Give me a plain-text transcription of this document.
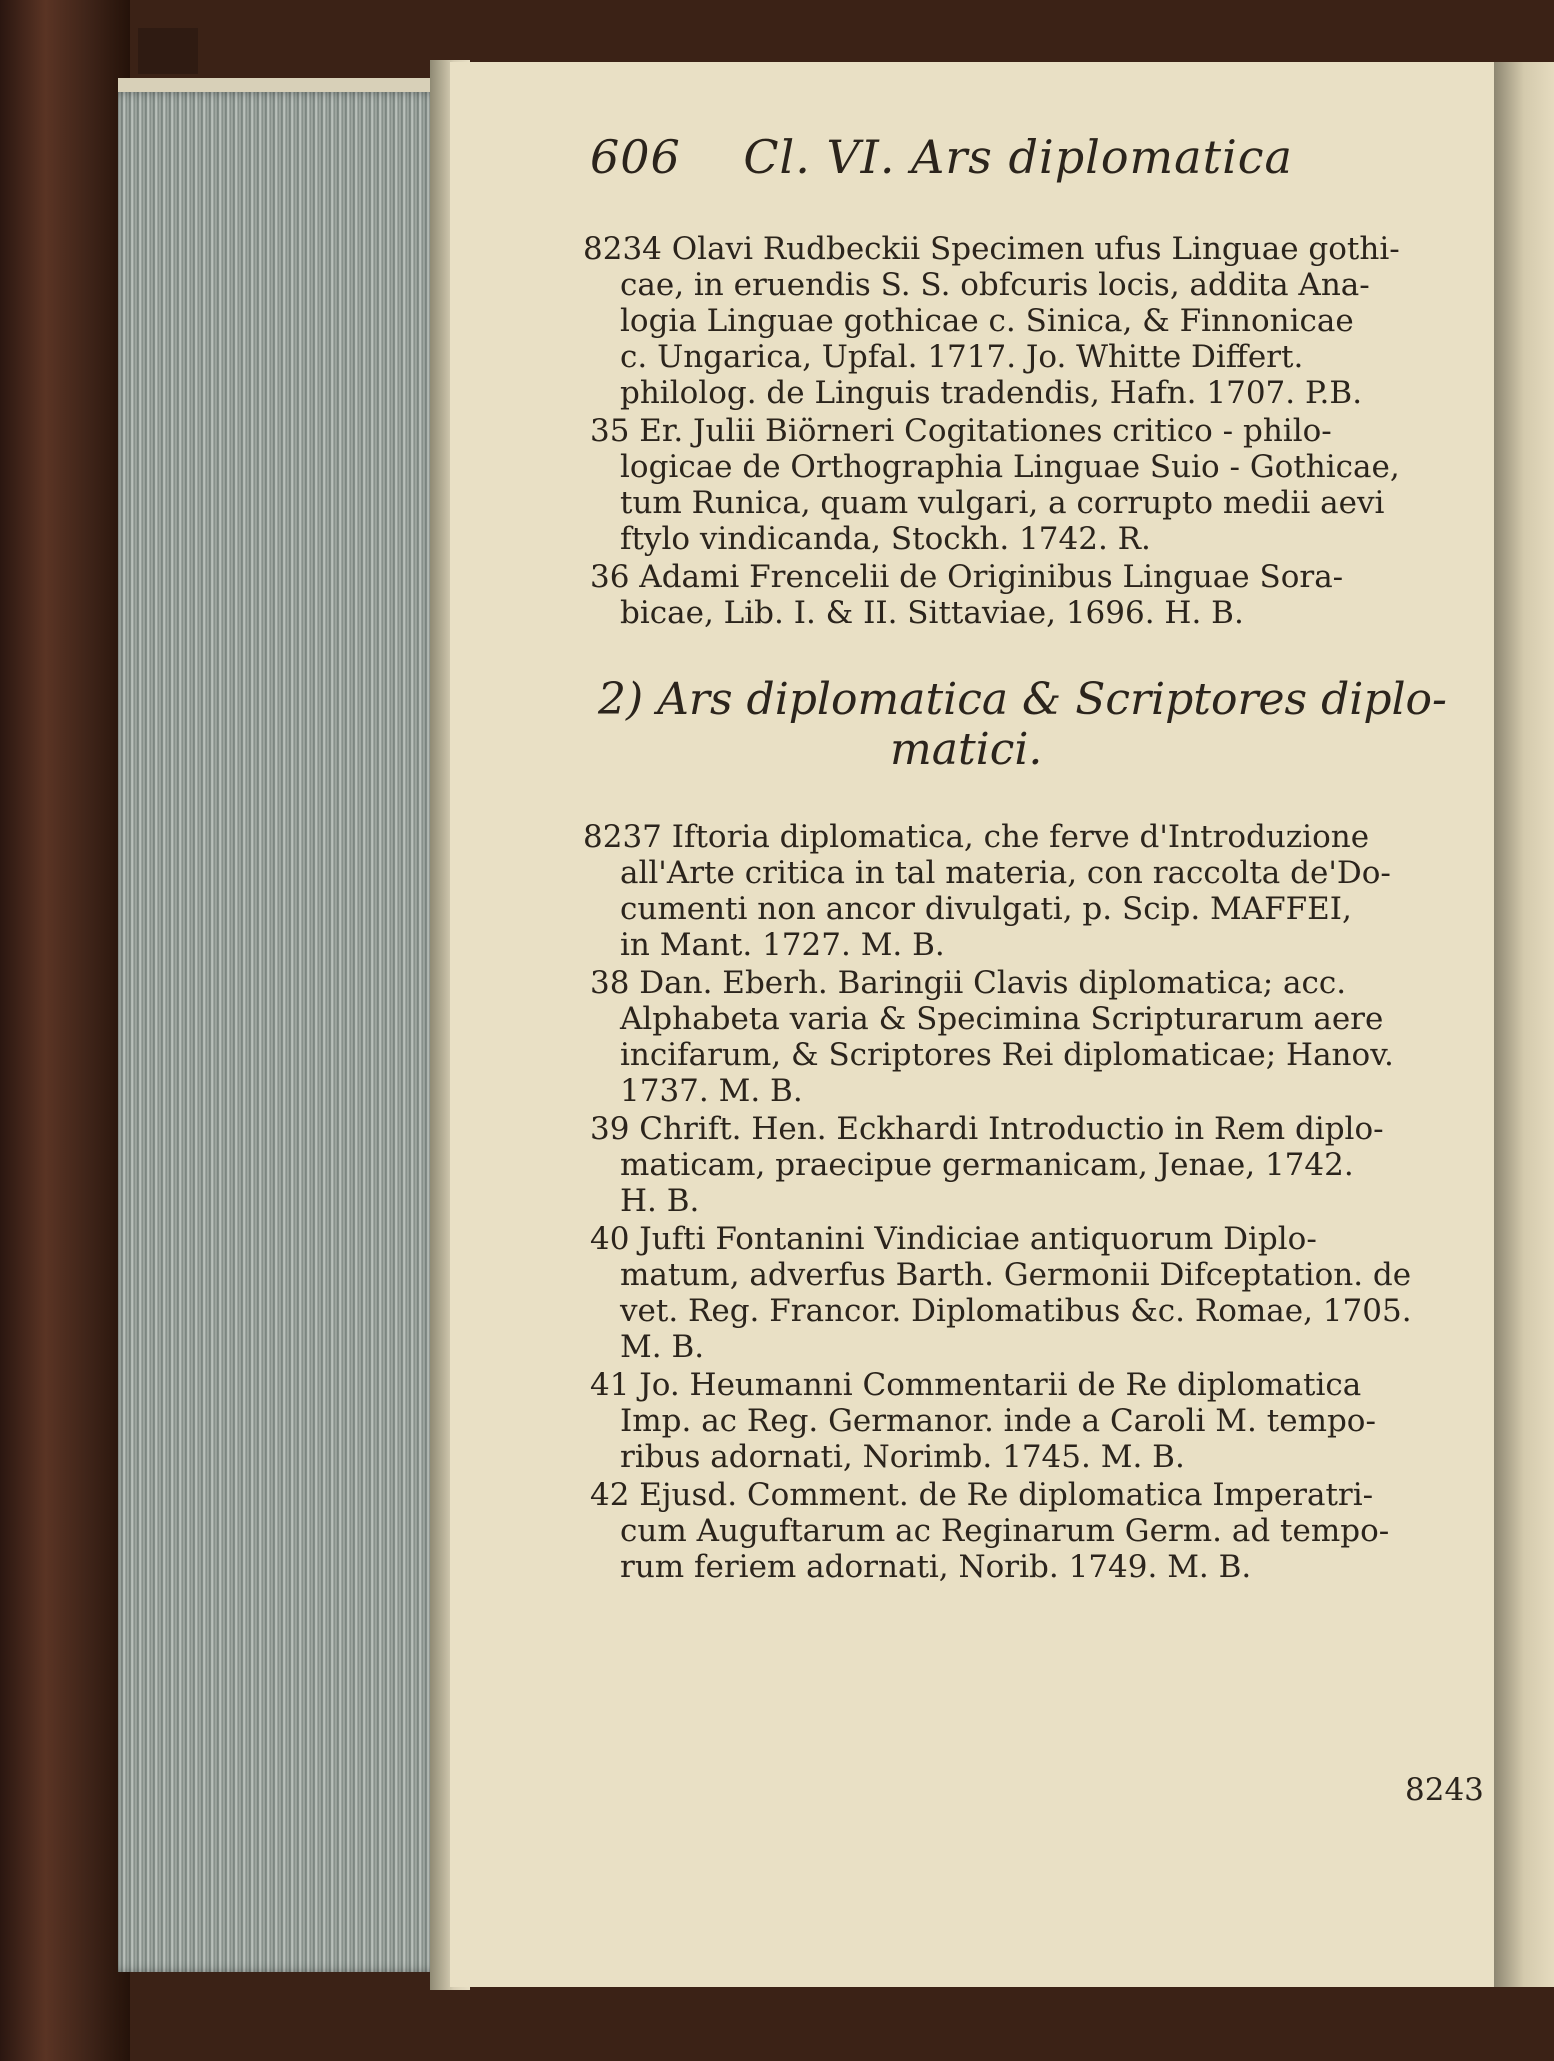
606 Cl. VI. Ars diplomatica
8234 Olavi Rudbeckii Specimen ufus Linguae gothi-
cae, in eruendis S. S. obfcuris locis, addita Ana-
logia Linguae gothicae c. Sinica, & Finnonicae
c. Ungarica, Upfal. 1717. Jo. Whitte Differt.
philolog. de Linguis tradendis, Hafn. 1707. P.B.
35 Er. Julii Biörneri Cogitationes critico - philo-
logicae de Orthographia Linguae Suio - Gothicae,
tum Runica, quam vulgari, a corrupto medii aevi
ftylo vindicanda, Stockh. 1742. R.
36 Adami Frencelii de Originibus Linguae Sora-
bicae, Lib. I. & II. Sittaviae, 1696. H. B.
2) Ars diplomatica & Scriptores diplo-
matici.
8237 Iftoria diplomatica, che ferve d'Introduzione
all'Arte critica in tal materia, con raccolta de'Do-
cumenti non ancor divulgati, p. Scip. MAFFEI,
in Mant. 1727. M. B.
38 Dan. Eberh. Baringii Clavis diplomatica; acc.
Alphabeta varia & Specimina Scripturarum aere
incifarum, & Scriptores Rei diplomaticae; Hanov.
1737. M. B.
39 Chrift. Hen. Eckhardi Introductio in Rem diplo-
maticam, praecipue germanicam, Jenae, 1742.
H. B.
40 Jufti Fontanini Vindiciae antiquorum Diplo-
matum, adverfus Barth. Germonii Difceptation. de
vet. Reg. Francor. Diplomatibus &c. Romae, 1705.
M. B.
41 Jo. Heumanni Commentarii de Re diplomatica
Imp. ac Reg. Germanor. inde a Caroli M. tempo-
ribus adornati, Norimb. 1745. M. B.
42 Ejusd. Comment. de Re diplomatica Imperatri-
cum Auguftarum ac Reginarum Germ. ad tempo-
rum feriem adornati, Norib. 1749. M. B.
8243
